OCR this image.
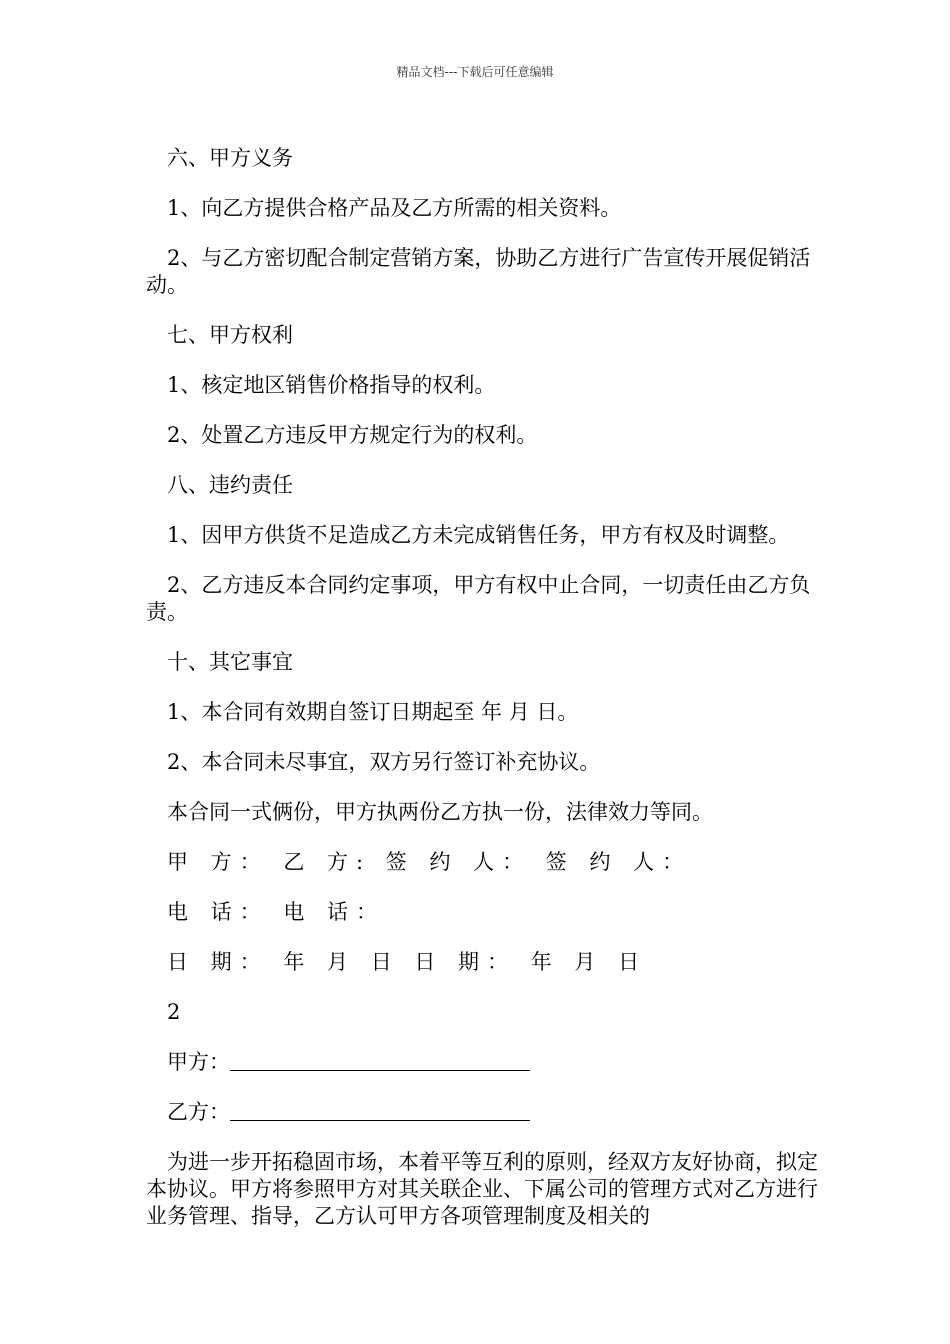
精品文档---下载后可任意编辑

六、甲方义务

1、向乙方提供合格产品及乙方所需的相关资料。

2、与乙方密切配合制定营销方案，协助乙方进行广告宣传开展促销活动。

七、甲方权利

1、核定地区销售价格指导的权利。

2、处置乙方违反甲方规定行为的权利。

八、违约责任

1、因甲方供货不足造成乙方未完成销售任务，甲方有权及时调整。

2、乙方违反本合同约定事项，甲方有权中止合同，一切责任由乙方负责。

十、其它事宜

1、本合同有效期自签订日期起至 年 月 日。

2、本合同未尽事宜，双方另行签订补充协议。

本合同一式俩份，甲方执两份乙方执一份，法律效力等同。

甲 方： 乙 方: 签 约 人： 签 约 人：

电 话： 电 话：

日 期： 年 月 日 日 期： 年 月 日

2

甲方：

乙方：

为进一步开拓稳固市场，本着平等互利的原则，经双方友好协商，拟定本协议。甲方将参照甲方对其关联企业、下属公司的管理方式对乙方进行业务管理、指导，乙方认可甲方各项管理制度及相关的
